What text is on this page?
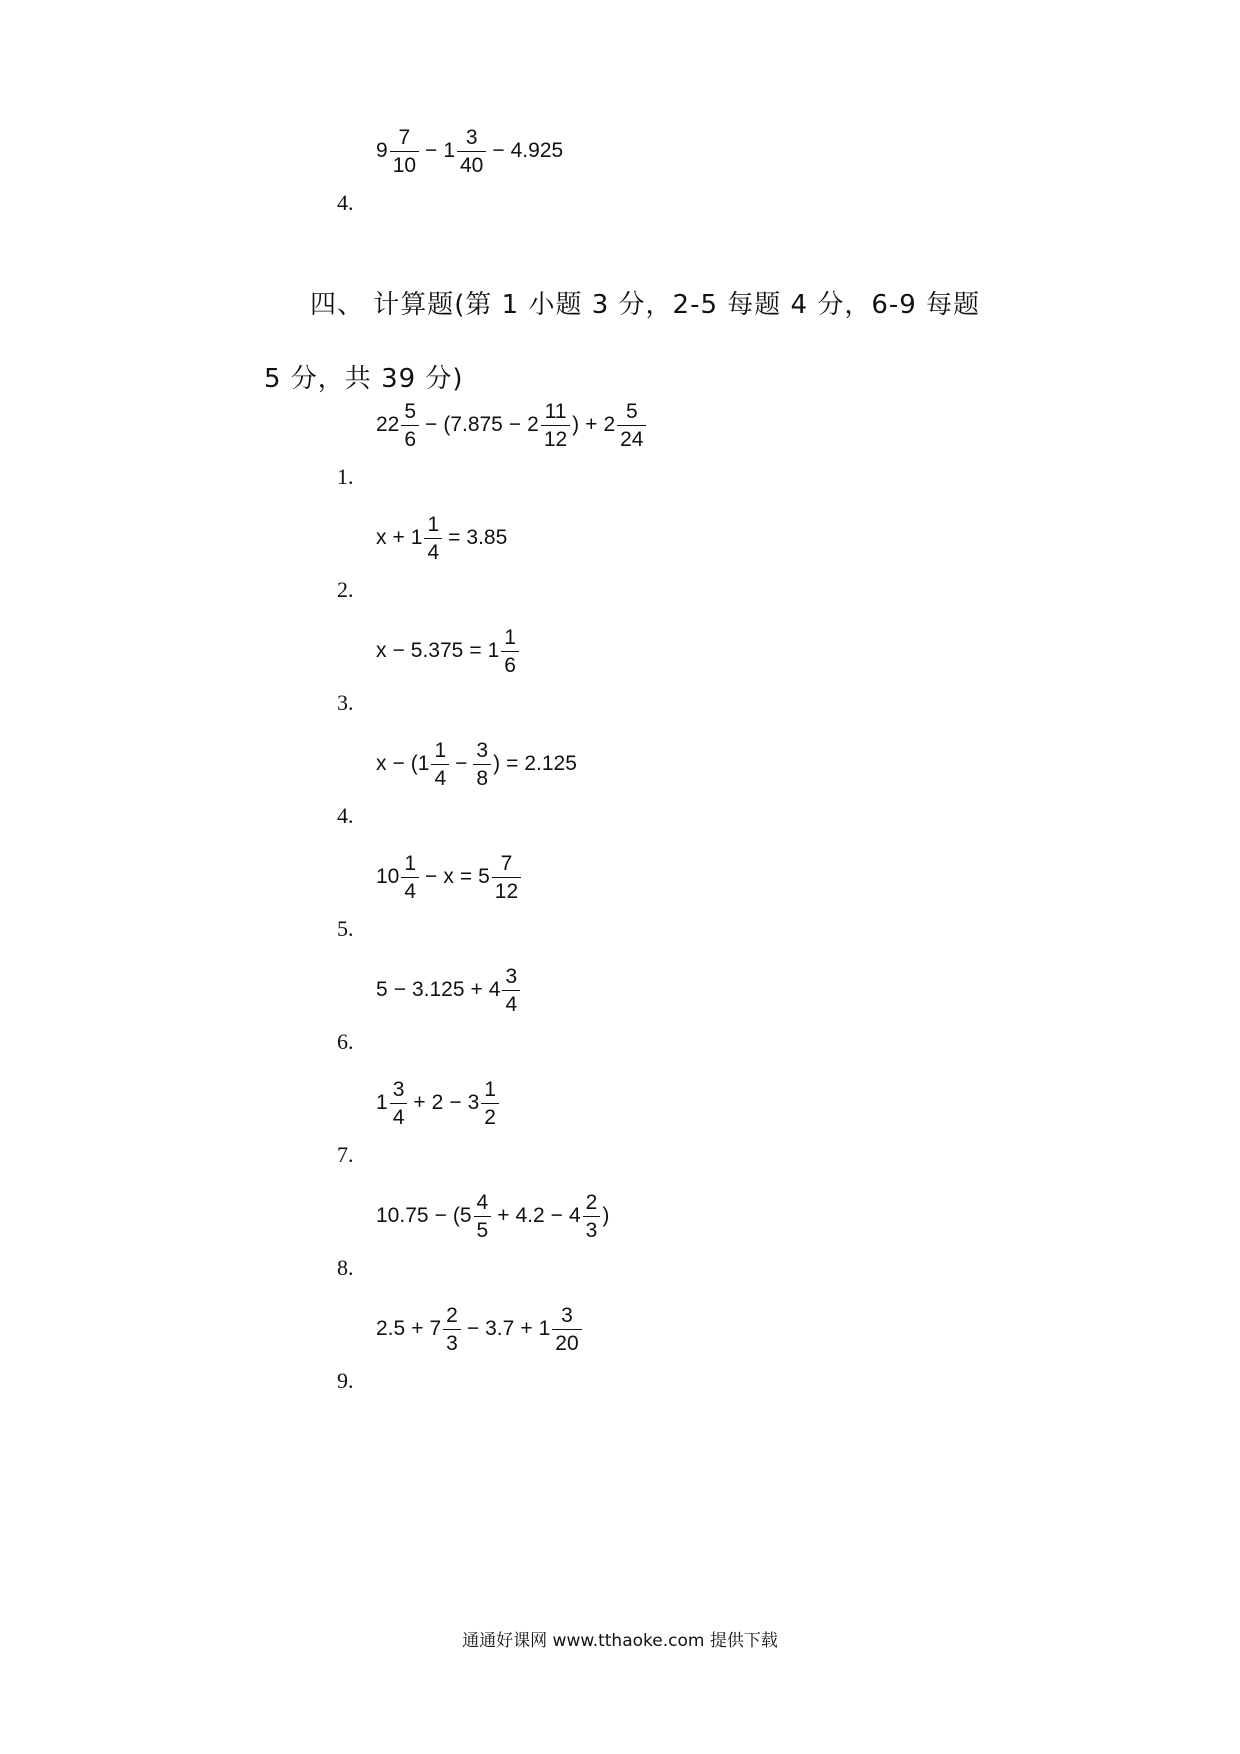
$9 \frac{7}{10} - 1 \frac{3}{40} - 4.925$
4.
四、 计算题(第 1 小题 3 分，2-5 每题 4 分，6-9 每题
5 分，共 39 分)
$22 \frac{5}{6} - (7.875 - 2 \frac{11}{12}$ ) + $2 \frac{5}{24}$
1.
$x + 1 \frac{1}{4} = 3.85$
2.
$x - 5.375 = 1 \frac{1}{6}$
3.
$x - (1 \frac{1}{4} - \frac{3}{8}$ ) = 2.125
4.
$10 \frac{1}{4} - x = 5 \frac{7}{12}$
5.
$5 - 3.125 + 4 \frac{3}{4}$
6.
$1 \frac{3}{4} + 2 - 3 \frac{1}{2}$
7.
$10.75 - (5 \frac{4}{5} + 4.2 - 4 \frac{2}{3}$ )
8.
$2.5 + 7 \frac{2}{3} - 3.7 + 1 \frac{3}{20}$
9.
通通好课网 www.tthaoke.com 提供下载
